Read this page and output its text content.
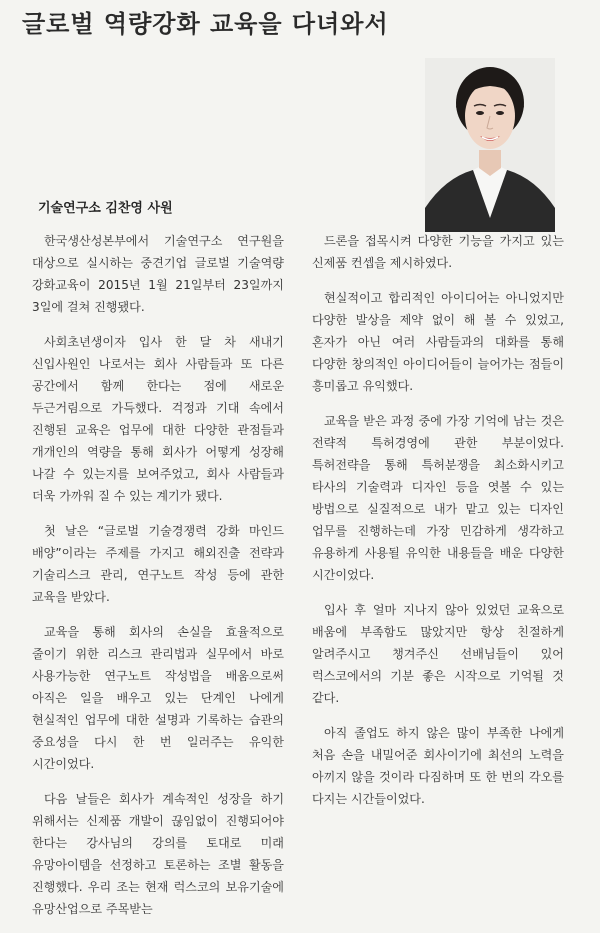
글로벌 역량강화 교육을 다녀와서
기술연구소 김찬영 사원

한국생산성본부에서 기술연구소 연구원을 대상으로 실시하는 중견기업 글로벌 기술역량 강화교육이 2015년 1월 21일부터 23일까지 3일에 걸쳐 진행됐다.

사회초년생이자 입사 한 달 차 새내기 신입사원인 나로서는 회사 사람들과 또 다른 공간에서 함께 한다는 점에 새로운 두근거림으로 가득했다. 걱정과 기대 속에서 진행된 교육은 업무에 대한 다양한 관점들과 개개인의 역량을 통해 회사가 어떻게 성장해 나갈 수 있는지를 보여주었고, 회사 사람들과 더욱 가까워 질 수 있는 계기가 됐다.

첫 날은 “글로벌 기술경쟁력 강화 마인드 배양”이라는 주제를 가지고 해외진출 전략과 기술리스크 관리, 연구노트 작성 등에 관한 교육을 받았다.

교육을 통해 회사의 손실을 효율적으로 줄이기 위한 리스크 관리법과 실무에서 바로 사용가능한 연구노트 작성법을 배움으로써 아직은 일을 배우고 있는 단계인 나에게 현실적인 업무에 대한 설명과 기록하는 습관의 중요성을 다시 한 번 일러주는 유익한 시간이었다.

다음 날들은 회사가 계속적인 성장을 하기 위해서는 신제품 개발이 끊임없이 진행되어야 한다는 강사님의 강의를 토대로 미래 유망아이템을 선정하고 토론하는 조별 활동을 진행했다. 우리 조는 현재 럭스코의 보유기술에 유망산업으로 주목받는

드론을 접목시켜 다양한 기능을 가지고 있는 신제품 컨셉을 제시하였다.

현실적이고 합리적인 아이디어는 아니었지만 다양한 발상을 제약 없이 해 볼 수 있었고, 혼자가 아닌 여러 사람들과의 대화를 통해 다양한 창의적인 아이디어들이 늘어가는 점들이 흥미롭고 유익했다.

교육을 받은 과정 중에 가장 기억에 남는 것은 전략적 특허경영에 관한 부분이었다. 특허전략을 통해 특허분쟁을 최소화시키고 타사의 기술력과 디자인 등을 엿볼 수 있는 방법으로 실질적으로 내가 맡고 있는 디자인 업무를 진행하는데 가장 민감하게 생각하고 유용하게 사용될 유익한 내용들을 배운 다양한 시간이었다.

입사 후 얼마 지나지 않아 있었던 교육으로 배움에 부족함도 많았지만 항상 친절하게 알려주시고 챙겨주신 선배님들이 있어 럭스코에서의 기분 좋은 시작으로 기억될 것 같다.

아직 졸업도 하지 않은 많이 부족한 나에게 처음 손을 내밀어준 회사이기에 최선의 노력을 아끼지 않을 것이라 다짐하며 또 한 번의 각오를 다지는 시간들이었다.
